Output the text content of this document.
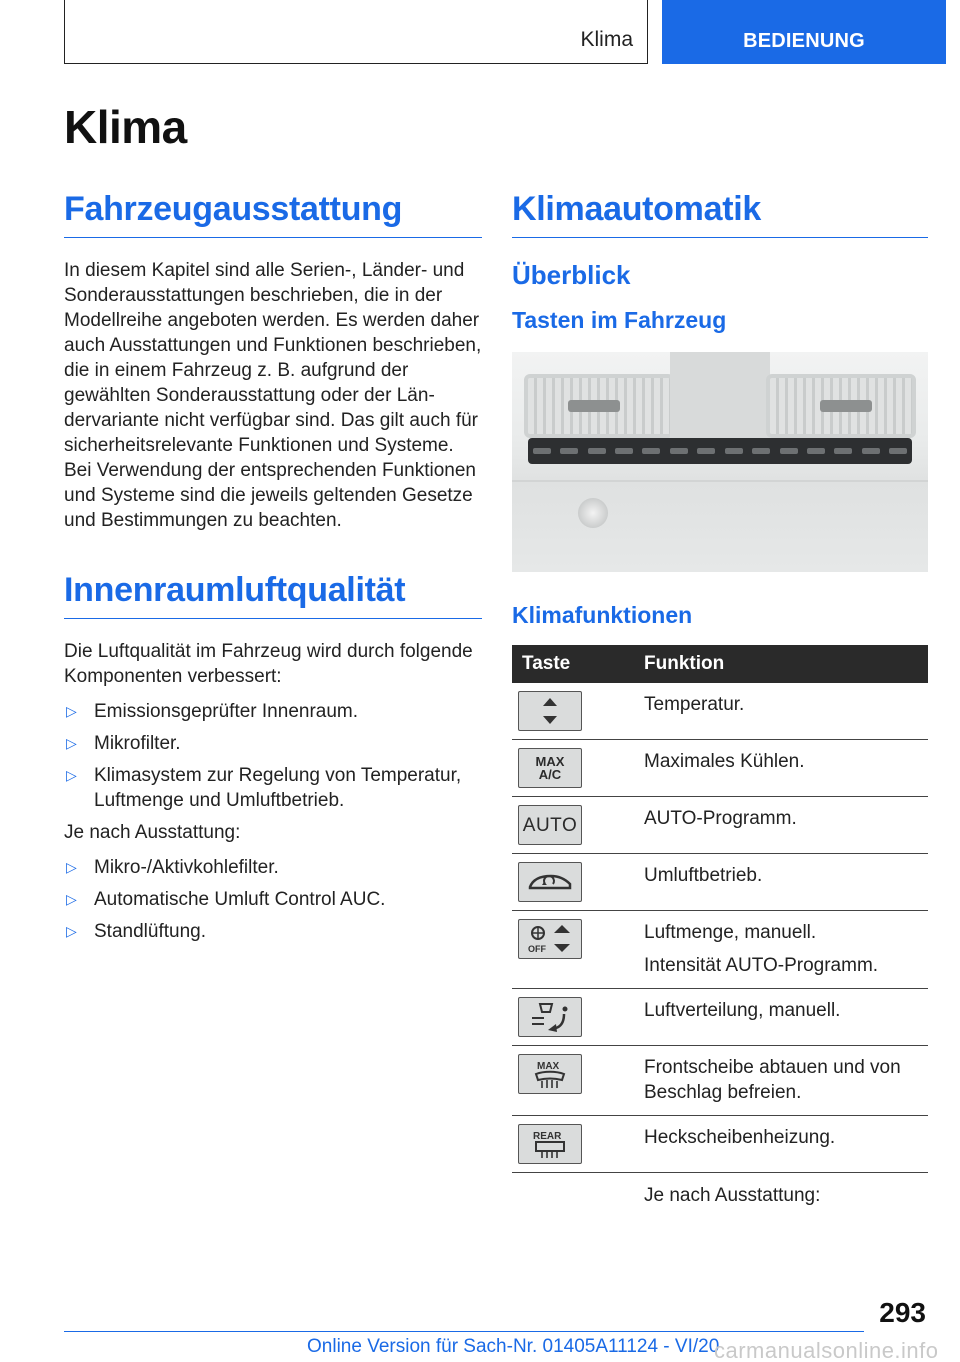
Klima	BEDIENUNG
Klima
Fahrzeugausstattung

In diesem Kapitel sind alle Serien-, Länder- und Sonderausstattungen beschrieben, die in der Modellreihe angeboten werden. Es werden daher auch Ausstattungen und Funktionen beschrieben, die in einem Fahrzeug z. B. aufgrund der gewählten Sonderausstattung oder der Ländervariante nicht verfügbar sind. Das gilt auch für sicherheitsrelevante Funktionen und Systeme. Bei Verwendung der entsprechenden Funktionen und Systeme sind die jeweils geltenden Gesetze und Bestimmungen zu beachten.

Innenraumluftqualität

Die Luftqualität im Fahrzeug wird durch folgende Komponenten verbessert:

▷ Emissionsgeprüfter Innenraum.
▷ Mikrofilter.
▷ Klimasystem zur Regelung von Temperatur, Luftmenge und Umluftbetrieb.

Je nach Ausstattung:

▷ Mikro-/Aktivkohlefilter.
▷ Automatische Umluft Control AUC.
▷ Standlüftung.
Klimaautomatik
Überblick
Tasten im Fahrzeug
Klimafunktionen
Taste	Funktion

	Temperatur.

MAX A/C	Maximales Kühlen.

AUTO	AUTO-Programm.

	Umluftbetrieb.

OFF	Luftmenge, manuell.
Intensität AUTO-Programm.

	Luftverteilung, manuell.

MAX	Frontscheibe abtauen und von Beschlag befreien.

REAR	Heckscheibenheizung.
	Je nach Ausstattung:
293
Online Version für Sach-Nr. 01405A11124 - VI/20
carmanualsonline.info
